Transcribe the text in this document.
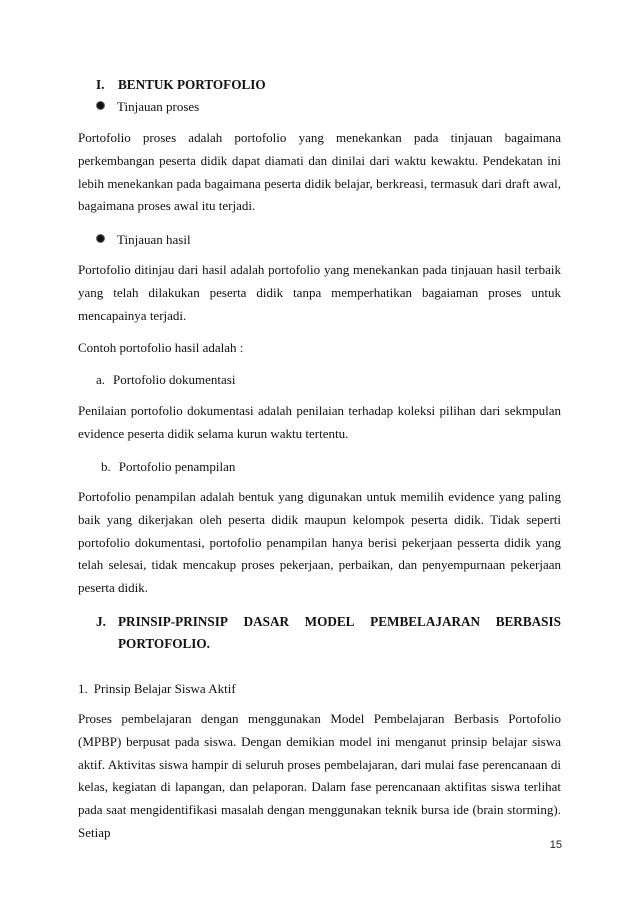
I. BENTUK PORTOFOLIO
Tinjauan proses
Portofolio proses adalah portofolio yang menekankan pada tinjauan bagaimana perkembangan peserta didik dapat diamati dan dinilai dari waktu kewaktu. Pendekatan ini lebih menekankan pada bagaimana peserta didik belajar, berkreasi, termasuk dari draft awal, bagaimana proses awal itu terjadi.
Tinjauan hasil
Portofolio ditinjau dari hasil adalah portofolio yang menekankan pada tinjauan hasil terbaik yang telah dilakukan peserta didik tanpa memperhatikan bagaiaman proses untuk mencapainya terjadi.
Contoh portofolio hasil adalah :
a. Portofolio dokumentasi
Penilaian portofolio dokumentasi adalah penilaian terhadap koleksi pilihan dari sekmpulan evidence peserta didik selama kurun waktu tertentu.
b. Portofolio penampilan
Portofolio penampilan adalah bentuk yang digunakan untuk memilih evidence yang paling baik yang dikerjakan oleh peserta didik maupun kelompok peserta didik. Tidak seperti portofolio dokumentasi, portofolio penampilan hanya berisi pekerjaan pesserta didik yang telah selesai, tidak mencakup proses pekerjaan, perbaikan, dan penyempurnaan pekerjaan peserta didik.
J. PRINSIP-PRINSIP DASAR MODEL PEMBELAJARAN BERBASIS
PORTOFOLIO.
1. Prinsip Belajar Siswa Aktif
Proses pembelajaran dengan menggunakan Model Pembelajaran Berbasis Portofolio (MPBP) berpusat pada siswa. Dengan demikian model ini menganut prinsip belajar siswa aktif. Aktivitas siswa hampir di seluruh proses pembelajaran, dari mulai fase perencanaan di kelas, kegiatan di lapangan, dan pelaporan. Dalam fase perencanaan aktifitas siswa terlihat pada saat mengidentifikasi masalah dengan menggunakan teknik bursa ide (brain storming). Setiap
15
